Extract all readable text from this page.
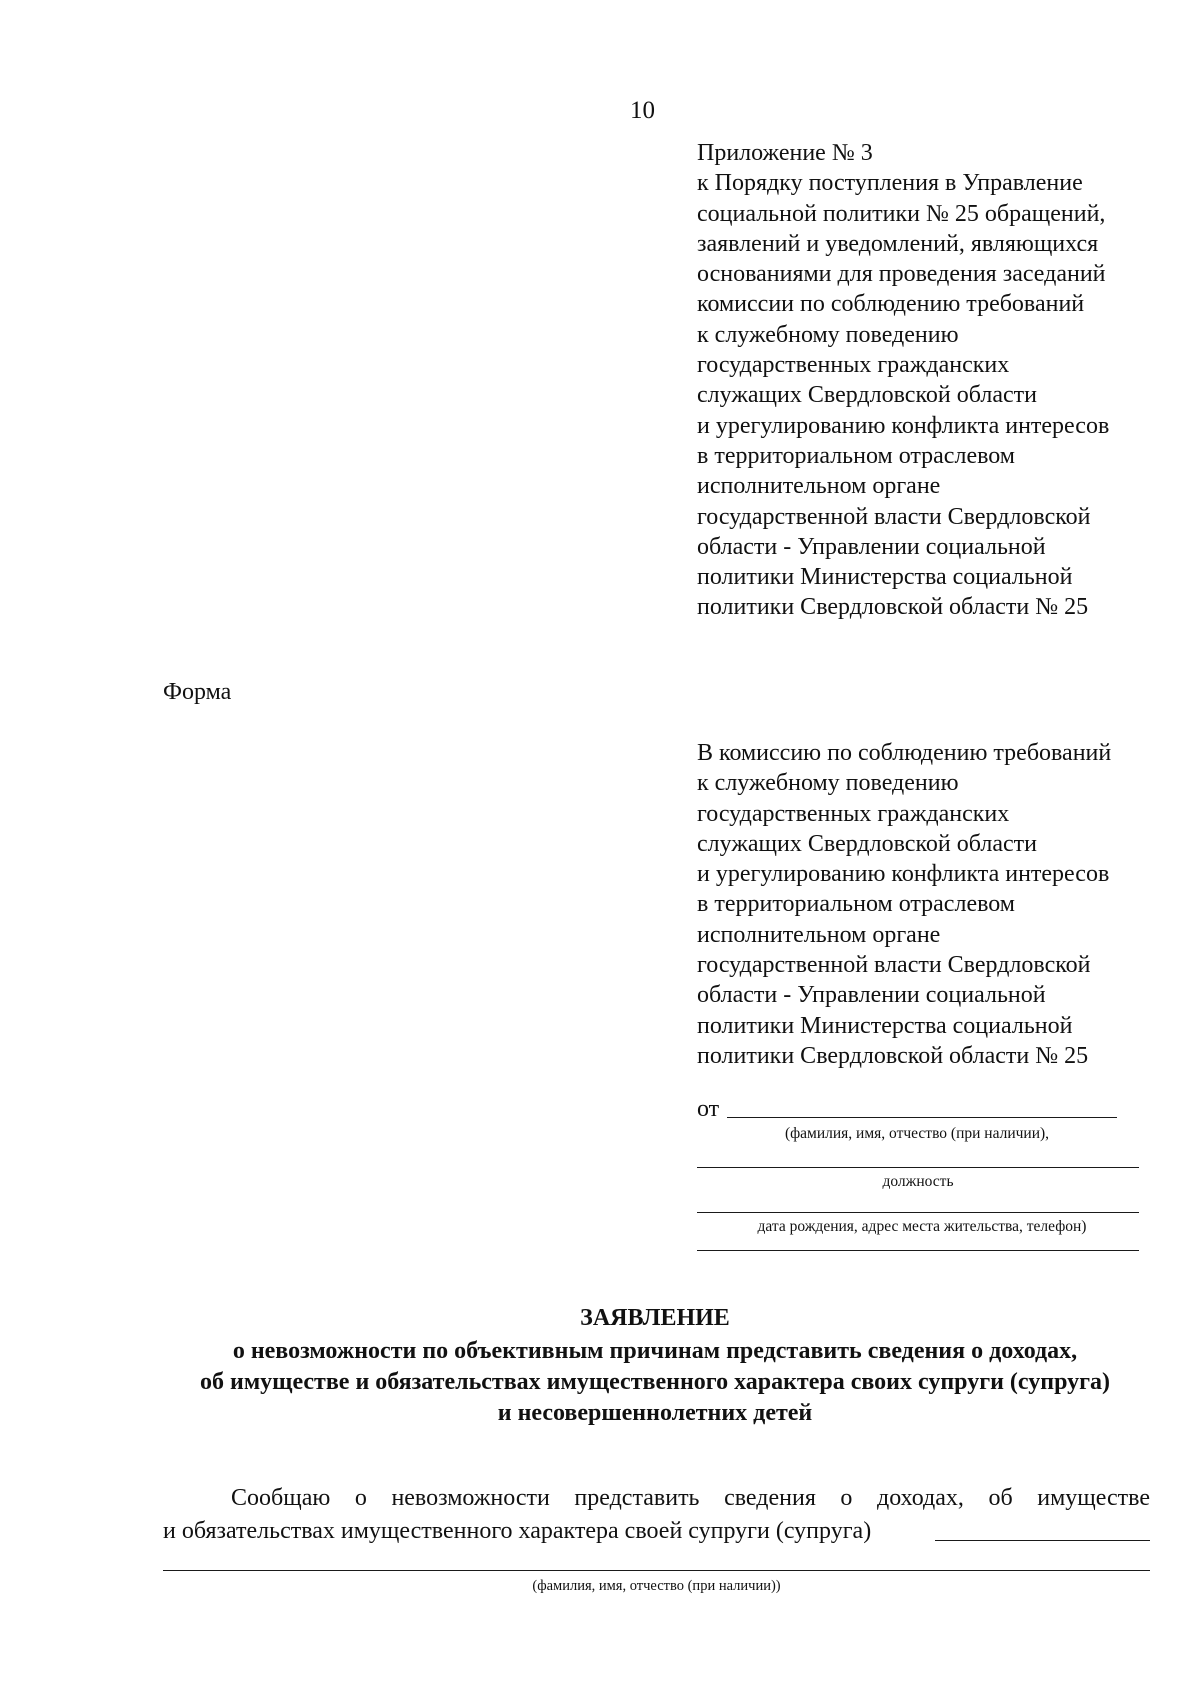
10
Приложение № 3
к Порядку поступления в Управление
социальной политики № 25 обращений,
заявлений и уведомлений, являющихся
основаниями для проведения заседаний
комиссии по соблюдению требований
к служебному поведению
государственных гражданских
служащих Свердловской области
и урегулированию конфликта интересов
в территориальном отраслевом
исполнительном органе
государственной власти Свердловской
области - Управлении социальной
политики Министерства социальной
политики Свердловской области № 25
Форма
В комиссию по соблюдению требований
к служебному поведению
государственных гражданских
служащих Свердловской области
и урегулированию конфликта интересов
в территориальном отраслевом
исполнительном органе
государственной власти Свердловской
области - Управлении социальной
политики Министерства социальной
политики Свердловской области № 25
от
(фамилия, имя, отчество (при наличии),
должность
дата рождения, адрес места жительства, телефон)
ЗАЯВЛЕНИЕ
о невозможности по объективным причинам представить сведения о доходах,
об имуществе и обязательствах имущественного характера своих супруги (супруга)
и несовершеннолетних детей
Сообщаю о невозможности представить сведения о доходах, об имуществе
и обязательствах имущественного характера своей супруги (супруга)
(фамилия, имя, отчество (при наличии))
